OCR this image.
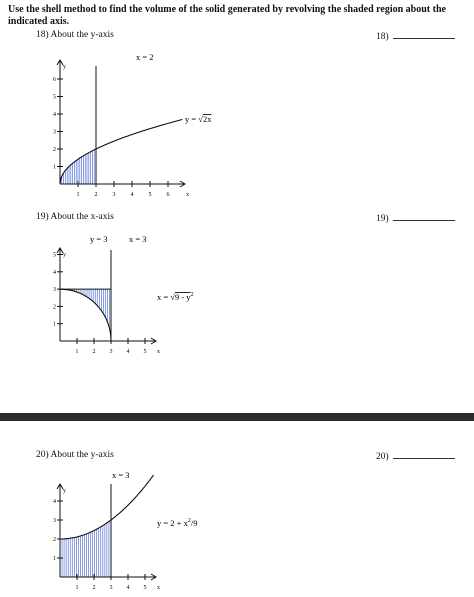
Use the shell method to find the volume of the solid generated by revolving the shaded region about the indicated axis.
18) About the y-axis	18)
19) About the x-axis	19)
20) About the y-axis	20)
x
y
1	2	3	4	5	6
1
2
3
4
5
6
x = 2
y = √2x
x
y
1 2 3 4 5
1
2
3
4
5
y = 3	x = 3
$x = √9 - y^2$
x
y
1 2 3 4 5
1
2
3
4
x = 3
$y = 2 + x^2/9$
